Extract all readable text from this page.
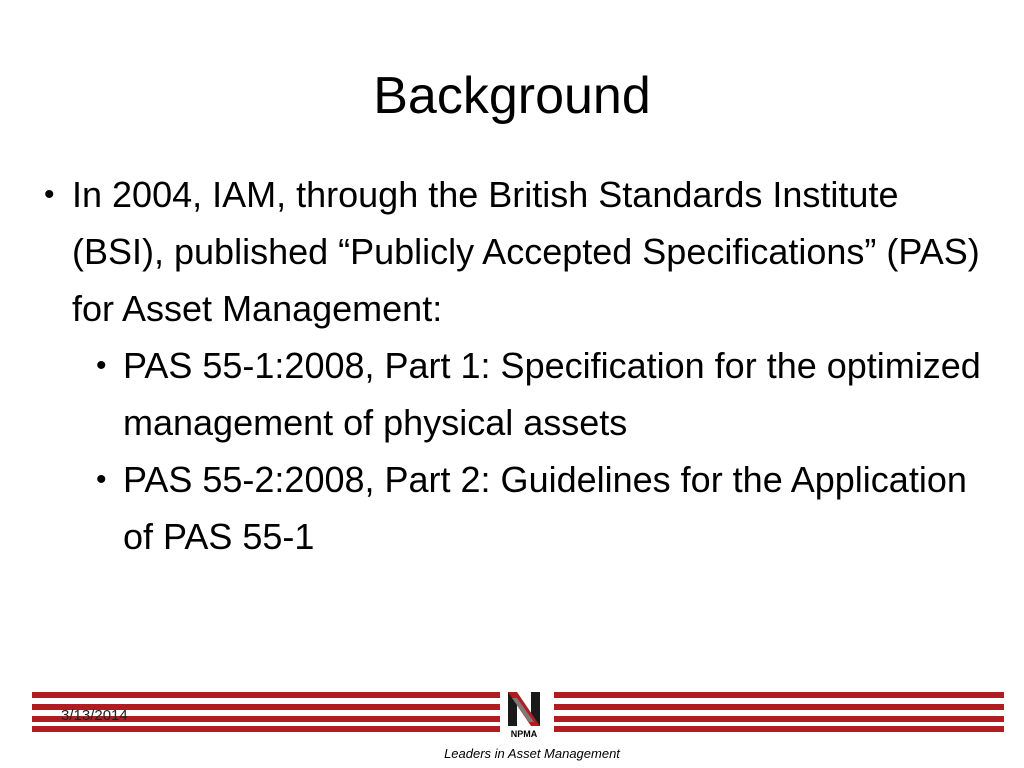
Background
• In 2004, IAM, through the British Standards Institute (BSI), published “Publicly Accepted Specifications” (PAS) for Asset Management:
• PAS 55-1:2008, Part 1: Specification for the optimized management of physical assets
• PAS 55-2:2008, Part 2: Guidelines for the Application of PAS 55-1
3/13/2014
NPMA
Leaders in Asset Management
